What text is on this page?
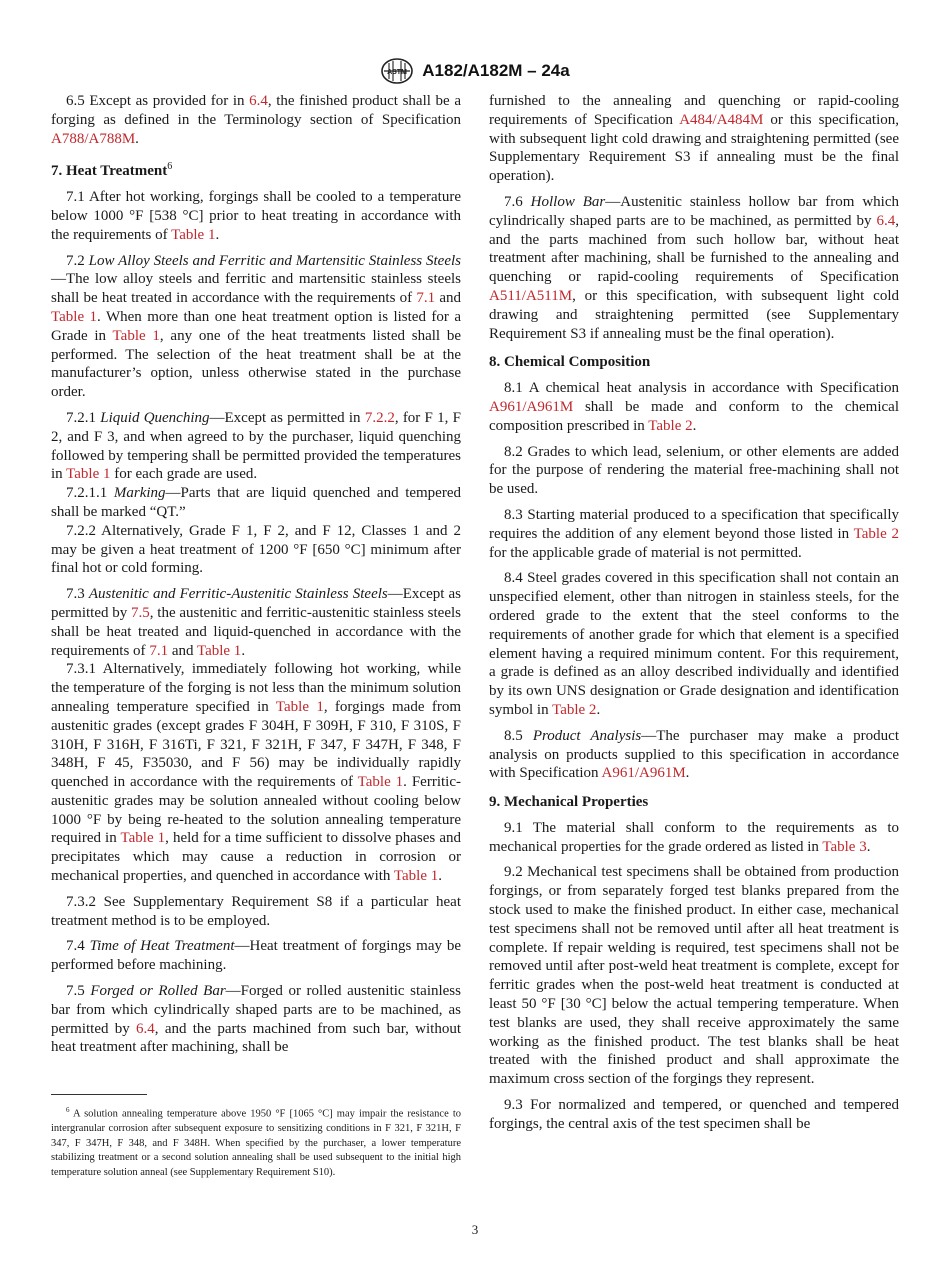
ASTM A182/A182M – 24a

6.5 Except as provided for in 6.4, the finished product shall be a forging as defined in the Terminology section of Specification A788/A788M.

7. Heat Treatment$^6$

7.1 After hot working, forgings shall be cooled to a temperature below 1000 °F [538 °C] prior to heat treating in accordance with the requirements of Table 1.

7.2 Low Alloy Steels and Ferritic and Martensitic Stainless Steels—The low alloy steels and ferritic and martensitic stainless steels shall be heat treated in accordance with the requirements of 7.1 and Table 1. When more than one heat treatment option is listed for a Grade in Table 1, any one of the heat treatments listed shall be performed. The selection of the heat treatment shall be at the manufacturer’s option, unless otherwise stated in the purchase order.

7.2.1 Liquid Quenching—Except as permitted in 7.2.2, for F 1, F 2, and F 3, and when agreed to by the purchaser, liquid quenching followed by tempering shall be permitted provided the temperatures in Table 1 for each grade are used.

7.2.1.1 Marking—Parts that are liquid quenched and tempered shall be marked “QT.”

7.2.2 Alternatively, Grade F 1, F 2, and F 12, Classes 1 and 2 may be given a heat treatment of 1200 °F [650 °C] minimum after final hot or cold forming.

7.3 Austenitic and Ferritic-Austenitic Stainless Steels—Except as permitted by 7.5, the austenitic and ferritic-austenitic stainless steels shall be heat treated and liquid-quenched in accordance with the requirements of 7.1 and Table 1.

7.3.1 Alternatively, immediately following hot working, while the temperature of the forging is not less than the minimum solution annealing temperature specified in Table 1, forgings made from austenitic grades (except grades F 304H, F 309H, F 310, F 310S, F 310H, F 316H, F 316Ti, F 321, F 321H, F 347, F 347H, F 348, F 348H, F 45, F35030, and F 56) may be individually rapidly quenched in accordance with the requirements of Table 1. Ferritic-austenitic grades may be solution annealed without cooling below 1000 °F by being re-heated to the solution annealing temperature required in Table 1, held for a time sufficient to dissolve phases and precipitates which may cause a reduction in corrosion or mechanical properties, and quenched in accordance with Table 1.

7.3.2 See Supplementary Requirement S8 if a particular heat treatment method is to be employed.

7.4 Time of Heat Treatment—Heat treatment of forgings may be performed before machining.

7.5 Forged or Rolled Bar—Forged or rolled austenitic stainless bar from which cylindrically shaped parts are to be machined, as permitted by 6.4, and the parts machined from such bar, without heat treatment after machining, shall be

$^6$ A solution annealing temperature above 1950 °F [1065 °C] may impair the resistance to intergranular corrosion after subsequent exposure to sensitizing conditions in F 321, F 321H, F 347, F 347H, F 348, and F 348H. When specified by the purchaser, a lower temperature stabilizing treatment or a second solution annealing shall be used subsequent to the initial high temperature solution anneal (see Supplementary Requirement S10).

furnished to the annealing and quenching or rapid-cooling requirements of Specification A484/A484M or this specification, with subsequent light cold drawing and straightening permitted (see Supplementary Requirement S3 if annealing must be the final operation).

7.6 Hollow Bar—Austenitic stainless hollow bar from which cylindrically shaped parts are to be machined, as permitted by 6.4, and the parts machined from such hollow bar, without heat treatment after machining, shall be furnished to the annealing and quenching or rapid-cooling requirements of Specification A511/A511M, or this specification, with subsequent light cold drawing and straightening permitted (see Supplementary Requirement S3 if annealing must be the final operation).

8. Chemical Composition

8.1 A chemical heat analysis in accordance with Specification A961/A961M shall be made and conform to the chemical composition prescribed in Table 2.

8.2 Grades to which lead, selenium, or other elements are added for the purpose of rendering the material free-machining shall not be used.

8.3 Starting material produced to a specification that specifically requires the addition of any element beyond those listed in Table 2 for the applicable grade of material is not permitted.

8.4 Steel grades covered in this specification shall not contain an unspecified element, other than nitrogen in stainless steels, for the ordered grade to the extent that the steel conforms to the requirements of another grade for which that element is a specified element having a required minimum content. For this requirement, a grade is defined as an alloy described individually and identified by its own UNS designation or Grade designation and identification symbol in Table 2.

8.5 Product Analysis—The purchaser may make a product analysis on products supplied to this specification in accordance with Specification A961/A961M.

9. Mechanical Properties

9.1 The material shall conform to the requirements as to mechanical properties for the grade ordered as listed in Table 3.

9.2 Mechanical test specimens shall be obtained from production forgings, or from separately forged test blanks prepared from the stock used to make the finished product. In either case, mechanical test specimens shall not be removed until after all heat treatment is complete. If repair welding is required, test specimens shall not be removed until after post-weld heat treatment is complete, except for ferritic grades when the post-weld heat treatment is conducted at least 50 °F [30 °C] below the actual tempering temperature. When test blanks are used, they shall receive approximately the same working as the finished product. The test blanks shall be heat treated with the finished product and shall approximate the maximum cross section of the forgings they represent.

9.3 For normalized and tempered, or quenched and tempered forgings, the central axis of the test specimen shall be

3
